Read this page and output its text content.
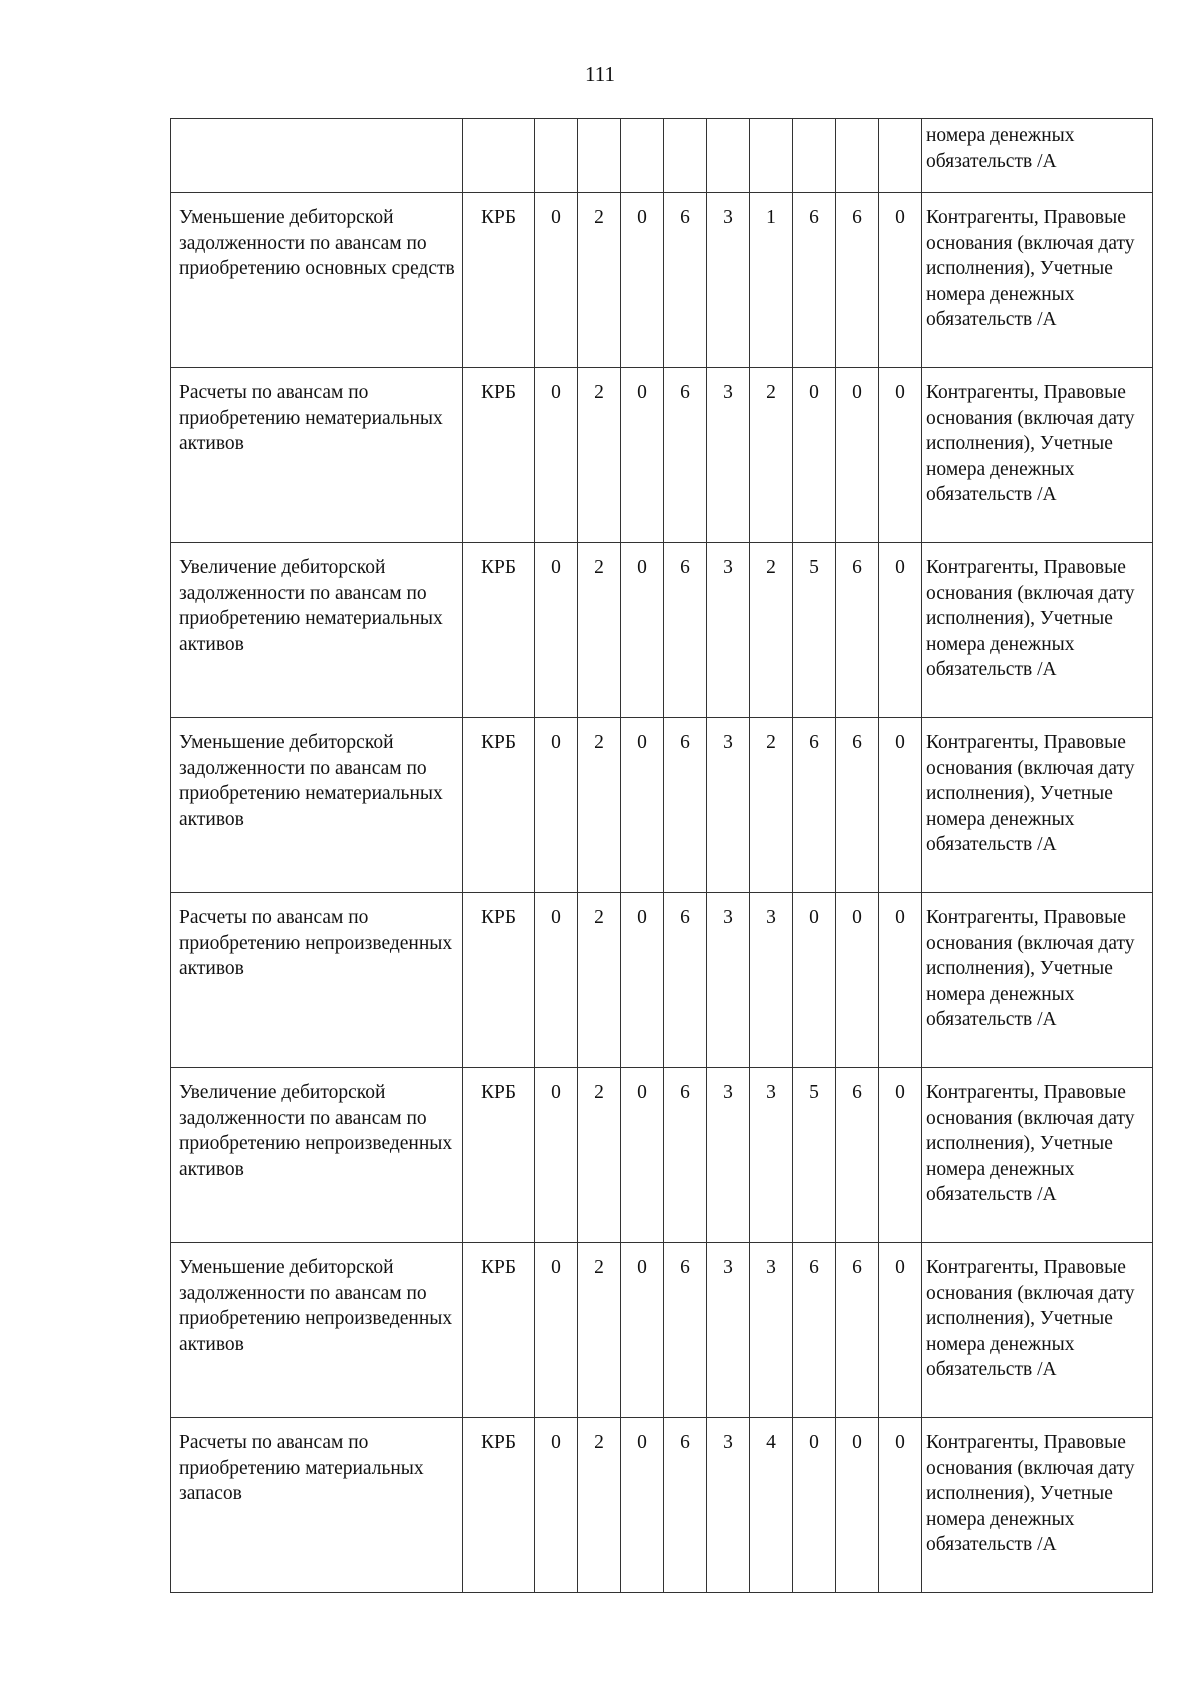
111
											номера денежных обязательств /А
Уменьшение дебиторской задолженности по авансам по приобретению основных средств	КРБ	0	2	0	6	3	1	6	6	0	Контрагенты, Правовые основания (включая дату исполнения), Учетные номера денежных обязательств /А
Расчеты по авансам по приобретению нематериальных активов	КРБ	0	2	0	6	3	2	0	0	0	Контрагенты, Правовые основания (включая дату исполнения), Учетные номера денежных обязательств /А
Увеличение дебиторской задолженности по авансам по приобретению нематериальных активов	КРБ	0	2	0	6	3	2	5	6	0	Контрагенты, Правовые основания (включая дату исполнения), Учетные номера денежных обязательств /А
Уменьшение дебиторской задолженности по авансам по приобретению нематериальных активов	КРБ	0	2	0	6	3	2	6	6	0	Контрагенты, Правовые основания (включая дату исполнения), Учетные номера денежных обязательств /А
Расчеты по авансам по приобретению непроизведенных активов	КРБ	0	2	0	6	3	3	0	0	0	Контрагенты, Правовые основания (включая дату исполнения), Учетные номера денежных обязательств /А
Увеличение дебиторской задолженности по авансам по приобретению непроизведенных активов	КРБ	0	2	0	6	3	3	5	6	0	Контрагенты, Правовые основания (включая дату исполнения), Учетные номера денежных обязательств /А
Уменьшение дебиторской задолженности по авансам по приобретению непроизведенных активов	КРБ	0	2	0	6	3	3	6	6	0	Контрагенты, Правовые основания (включая дату исполнения), Учетные номера денежных обязательств /А
Расчеты по авансам по приобретению материальных запасов	КРБ	0	2	0	6	3	4	0	0	0	Контрагенты, Правовые основания (включая дату исполнения), Учетные номера денежных обязательств /А
